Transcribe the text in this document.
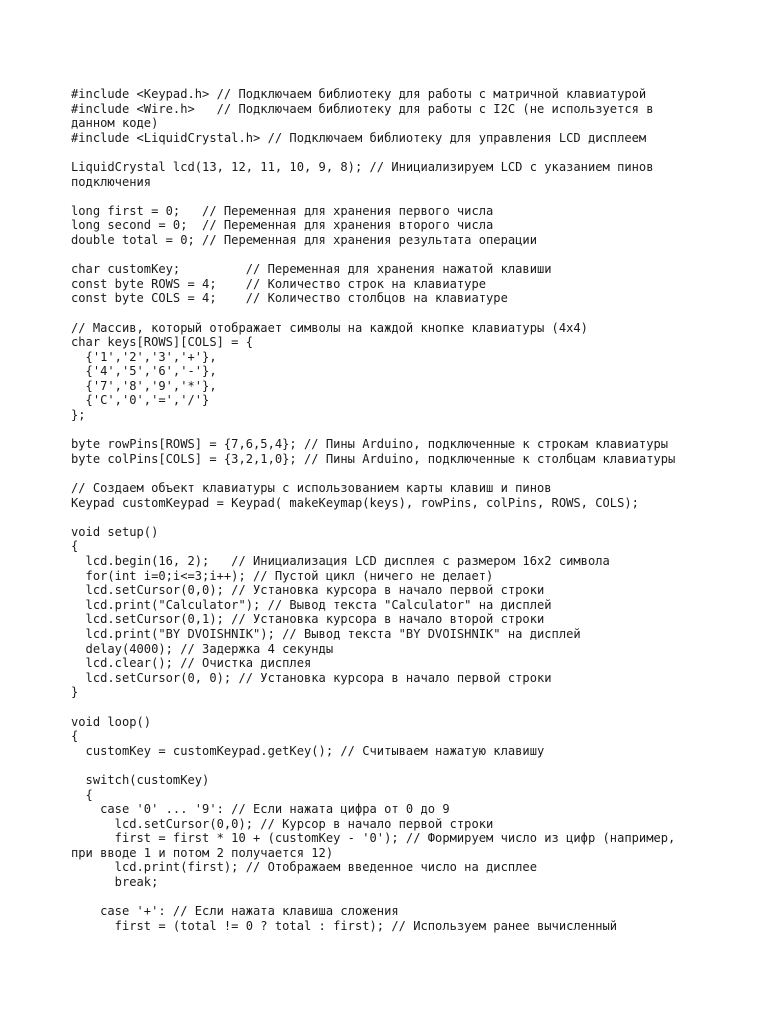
#include <Keypad.h> // Подключаем библиотеку для работы с матричной клавиатурой
#include <Wire.h>   // Подключаем библиотеку для работы с I2C (не используется в
данном коде)
#include <LiquidCrystal.h> // Подключаем библиотеку для управления LCD дисплеем
LiquidCrystal lcd(13, 12, 11, 10, 9, 8); // Инициализируем LCD с указанием пинов
подключения
long first = 0;   // Переменная для хранения первого числа
long second = 0;  // Переменная для хранения второго числа
double total = 0; // Переменная для хранения результата операции
char customKey;         // Переменная для хранения нажатой клавиши
const byte ROWS = 4;    // Количество строк на клавиатуре
const byte COLS = 4;    // Количество столбцов на клавиатуре
// Массив, который отображает символы на каждой кнопке клавиатуры (4x4)
char keys[ROWS][COLS] = {
{'1','2','3','+'},
{'4','5','6','-'},
{'7','8','9','*'},
{'C','0','=','/'}
};
byte rowPins[ROWS] = {7,6,5,4}; // Пины Arduino, подключенные к строкам клавиатуры
byte colPins[COLS] = {3,2,1,0}; // Пины Arduino, подключенные к столбцам клавиатуры
// Создаем объект клавиатуры с использованием карты клавиш и пинов
Keypad customKeypad = Keypad( makeKeymap(keys), rowPins, colPins, ROWS, COLS);
void setup()
{
lcd.begin(16, 2);   // Инициализация LCD дисплея с размером 16x2 символа
for(int i=0;i<=3;i++); // Пустой цикл (ничего не делает)
lcd.setCursor(0,0); // Установка курсора в начало первой строки
lcd.print("Calculator"); // Вывод текста "Calculator" на дисплей
lcd.setCursor(0,1); // Установка курсора в начало второй строки
lcd.print("BY DVOISHNIK"); // Вывод текста "BY DVOISHNIK" на дисплей
delay(4000); // Задержка 4 секунды
lcd.clear(); // Очистка дисплея
lcd.setCursor(0, 0); // Установка курсора в начало первой строки
}
void loop()
{
customKey = customKeypad.getKey(); // Считываем нажатую клавишу
switch(customKey)
{
case '0' ... '9': // Если нажата цифра от 0 до 9
lcd.setCursor(0,0); // Курсор в начало первой строки
first = first * 10 + (customKey - '0'); // Формируем число из цифр (например,
при вводе 1 и потом 2 получается 12)
lcd.print(first); // Отображаем введенное число на дисплее
break;
case '+': // Если нажата клавиша сложения
first = (total != 0 ? total : first); // Используем ранее вычисленный
